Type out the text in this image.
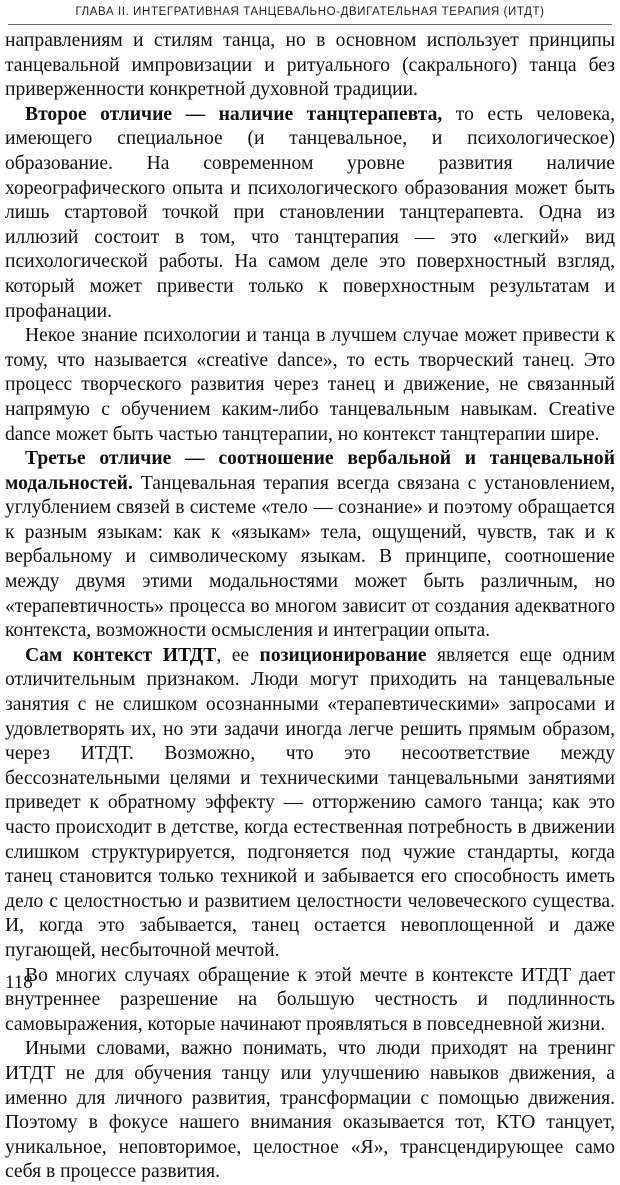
ГЛАВА II. ИНТЕГРАТИВНАЯ ТАНЦЕВАЛЬНО-ДВИГАТЕЛЬНАЯ ТЕРАПИЯ (ИТДТ)

направлениям и стилям танца, но в основном использует принципы танцевальной импровизации и ритуального (сакрального) танца без приверженности конкретной духовной традиции.

Второе отличие — наличие танцтерапевта, то есть человека, имеющего специальное (и танцевальное, и психологическое) образование. На современном уровне развития наличие хореографического опыта и психологического образования может быть лишь стартовой точкой при становлении танцтерапевта. Одна из иллюзий состоит в том, что танцтерапия — это «легкий» вид психологической работы. На самом деле это поверхностный взгляд, который может привести только к поверхностным результатам и профанации.

Некое знание психологии и танца в лучшем случае может привести к тому, что называется «creative dance», то есть творческий танец. Это процесс творческого развития через танец и движение, не связанный напрямую с обучением каким-либо танцевальным навыкам. Creative dance может быть частью танцтерапии, но контекст танцтерапии шире.

Третье отличие — соотношение вербальной и танцевальной модальностей. Танцевальная терапия всегда связана с установлением, углублением связей в системе «тело — сознание» и поэтому обращается к разным языкам: как к «языкам» тела, ощущений, чувств, так и к вербальному и символическому языкам. В принципе, соотношение между двумя этими модальностями может быть различным, но «терапевтичность» процесса во многом зависит от создания адекватного контекста, возможности осмысления и интеграции опыта.

Сам контекст ИТДТ, ее позиционирование является еще одним отличительным признаком. Люди могут приходить на танцевальные занятия с не слишком осознанными «терапевтическими» запросами и удовлетворять их, но эти задачи иногда легче решить прямым образом, через ИТДТ. Возможно, что это несоответствие между бессознательными целями и техническими танцевальными занятиями приведет к обратному эффекту — отторжению самого танца; как это часто происходит в детстве, когда естественная потребность в движении слишком структурируется, подгоняется под чужие стандарты, когда танец становится только техникой и забывается его способность иметь дело с целостностью и развитием целостности человеческого существа. И, когда это забывается, танец остается невоплощенной и даже пугающей, несбыточной мечтой.

Во многих случаях обращение к этой мечте в контексте ИТДТ дает внутреннее разрешение на большую честность и подлинность самовыражения, которые начинают проявляться в повседневной жизни.

Иными словами, важно понимать, что люди приходят на тренинг ИТДТ не для обучения танцу или улучшению навыков движения, а именно для личного развития, трансформации с помощью движения. Поэтому в фокусе нашего внимания оказывается тот, КТО танцует, уникальное, неповторимое, целостное «Я», трансцендирующее само себя в процессе развития.

118
